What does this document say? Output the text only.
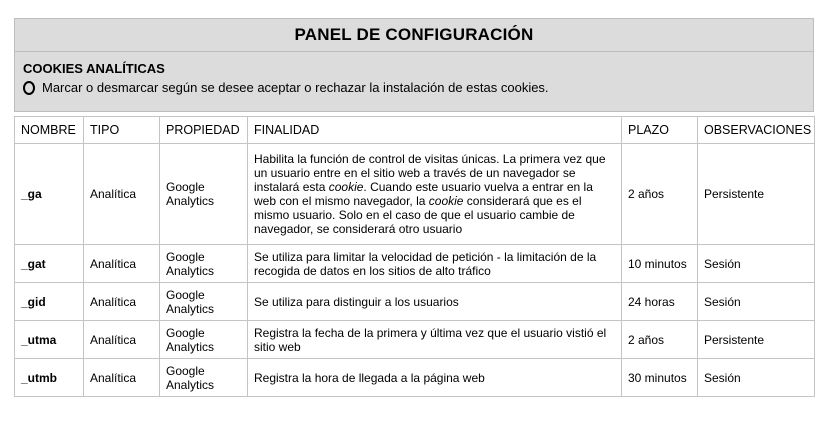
PANEL DE CONFIGURACIÓN
COOKIES ANALÍTICAS
Marcar o desmarcar según se desee aceptar o rechazar la instalación de estas cookies.
NOMBRE	TIPO	PROPIEDAD	FINALIDAD	PLAZO	OBSERVACIONES
_ga	Analítica	Google Analytics	Habilita la función de control de visitas únicas. La primera vez que un usuario entre en el sitio web a través de un navegador se instalará esta cookie. Cuando este usuario vuelva a entrar en la web con el mismo navegador, la cookie considerará que es el mismo usuario. Solo en el caso de que el usuario cambie de navegador, se considerará otro usuario	2 años	Persistente
_gat	Analítica	Google Analytics	Se utiliza para limitar la velocidad de petición - la limitación de la recogida de datos en los sitios de alto tráfico	10 minutos	Sesión
_gid	Analítica	Google Analytics	Se utiliza para distinguir a los usuarios	24 horas	Sesión
_utma	Analítica	Google Analytics	Registra la fecha de la primera y última vez que el usuario vistió el sitio web	2 años	Persistente
_utmb	Analítica	Google Analytics	Registra la hora de llegada a la página web	30 minutos	Sesión
